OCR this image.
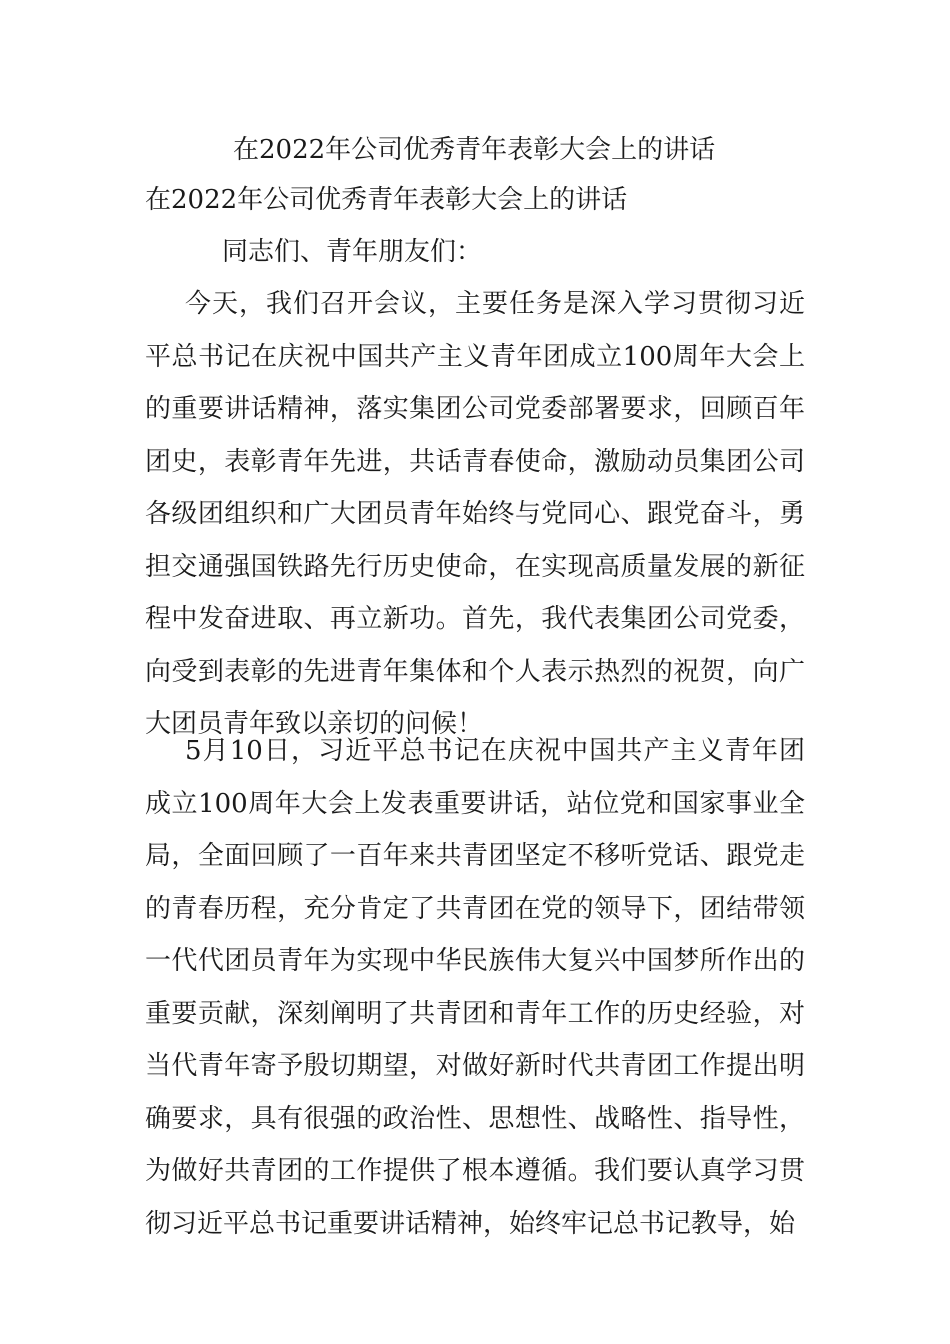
在2022年公司优秀青年表彰大会上的讲话

在2022年公司优秀青年表彰大会上的讲话

同志们、青年朋友们：

今天，我们召开会议，主要任务是深入学习贯彻习近平总书记在庆祝中国共产主义青年团成立100周年大会上的重要讲话精神，落实集团公司党委部署要求，回顾百年团史，表彰青年先进，共话青春使命，激励动员集团公司各级团组织和广大团员青年始终与党同心、跟党奋斗，勇担交通强国铁路先行历史使命，在实现高质量发展的新征程中发奋进取、再立新功。首先，我代表集团公司党委，向受到表彰的先进青年集体和个人表示热烈的祝贺，向广大团员青年致以亲切的问候！

5月10日，习近平总书记在庆祝中国共产主义青年团成立100周年大会上发表重要讲话，站位党和国家事业全局，全面回顾了一百年来共青团坚定不移听党话、跟党走的青春历程，充分肯定了共青团在党的领导下，团结带领一代代团员青年为实现中华民族伟大复兴中国梦所作出的重要贡献，深刻阐明了共青团和青年工作的历史经验，对当代青年寄予殷切期望，对做好新时代共青团工作提出明确要求，具有很强的政治性、思想性、战略性、指导性，为做好共青团的工作提供了根本遵循。我们要认真学习贯彻习近平总书记重要讲话精神，始终牢记总书记教导，始
